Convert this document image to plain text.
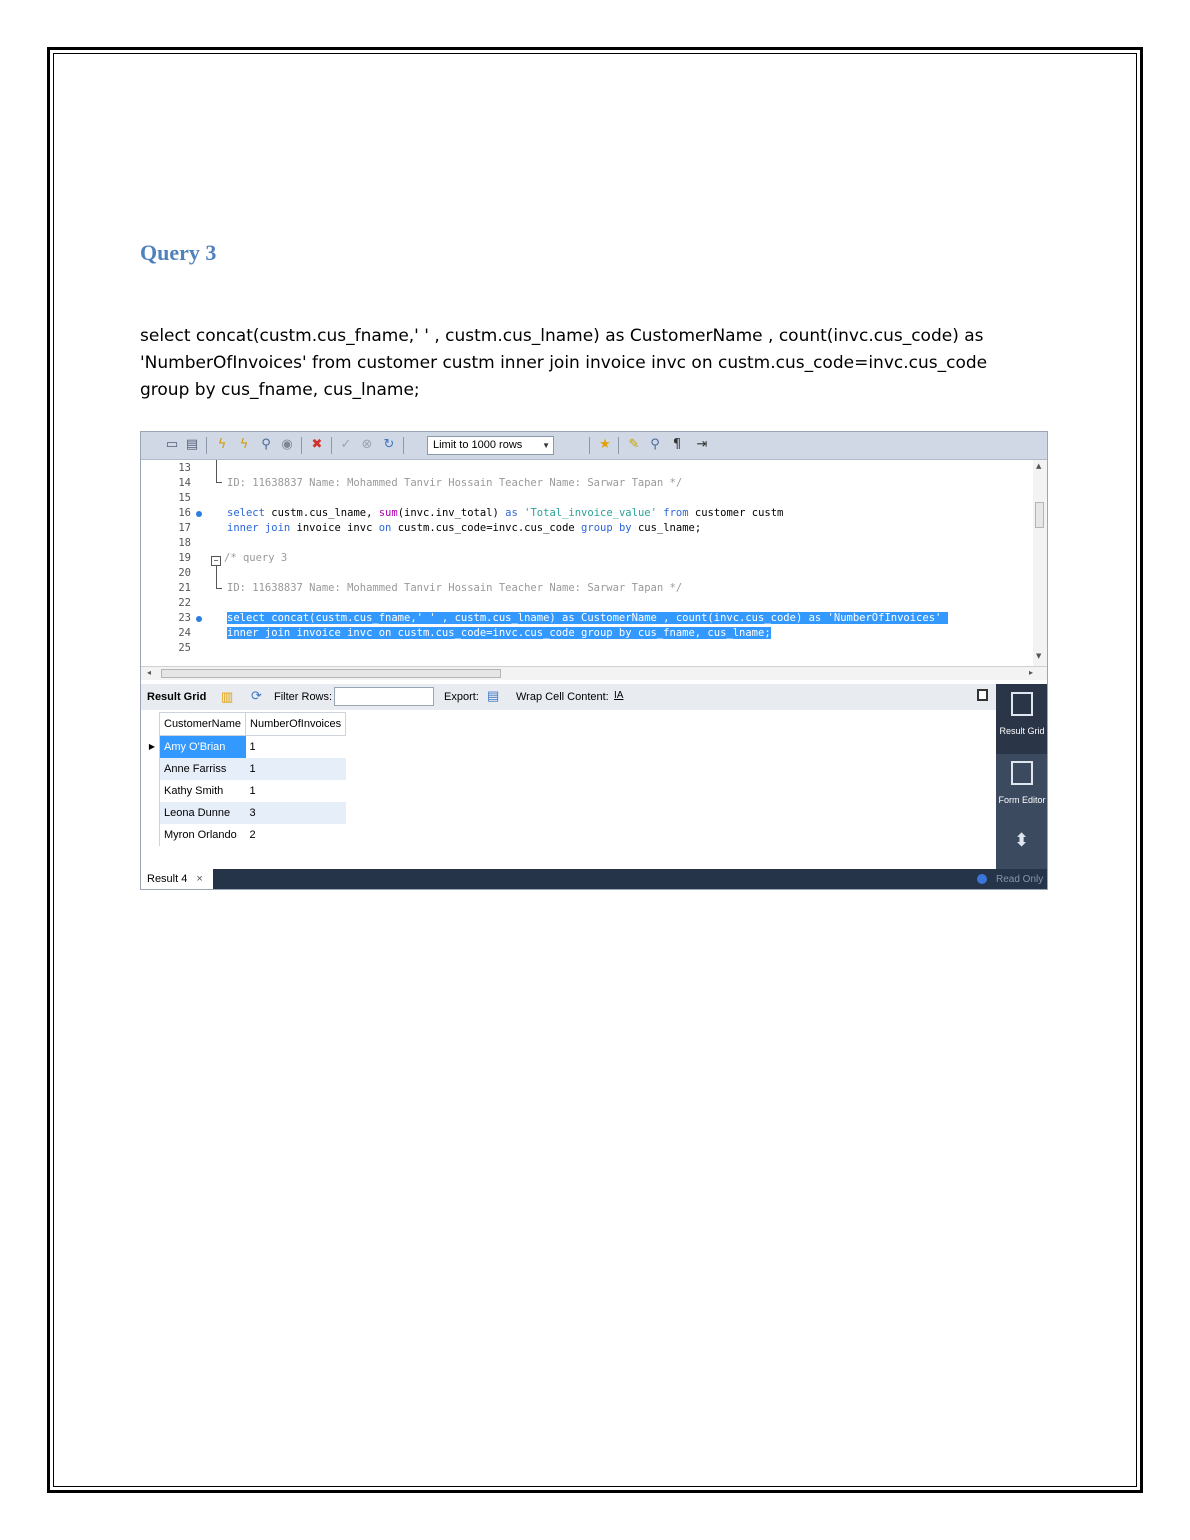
Query 3
select concat(custm.cus_fname,' ' , custm.cus_lname) as CustomerName , count(invc.cus_code) as 'NumberOfInvoices' from customer custm inner join invoice invc on custm.cus_code=invc.cus_code group by cus_fname, cus_lname;
▭ ▤	ϟ	ϟ ⚲ ◉ ✖ ✓ ⊗ ↻	Limit to 1000 rows ▼	★ ✎ ⚲	¶	⇥
13
14
15
16
17
18
19
20
21
22
23
24
25
−
ID: 11638837 Name: Mohammed Tanvir Hossain Teacher Name: Sarwar Tapan */
select custm.cus_lname, sum(invc.inv_total) as 'Total_invoice_value' from customer custm
inner join invoice invc on custm.cus_code=invc.cus_code group by cus_lname;
/* query 3
ID: 11638837 Name: Mohammed Tanvir Hossain Teacher Name: Sarwar Tapan */
select concat(custm.cus_fname,' ' , custm.cus_lname) as CustomerName , count(invc.cus_code) as 'NumberOfInvoices'
inner join invoice invc on custm.cus_code=invc.cus_code group by cus_fname, cus_lname;
▲
▼
◂	▸
Result Grid ▥ ⟳ Filter Rows:	Export: ▤ Wrap Cell Content: IA
	CustomerName	NumberOfInvoices
▶	Amy O'Brian	1
	Anne Farriss	1
	Kathy Smith	1
	Leona Dunne	3
	Myron Orlando	2
Result Grid
Form Editor
⬍
Result 4 ×	Read Only
